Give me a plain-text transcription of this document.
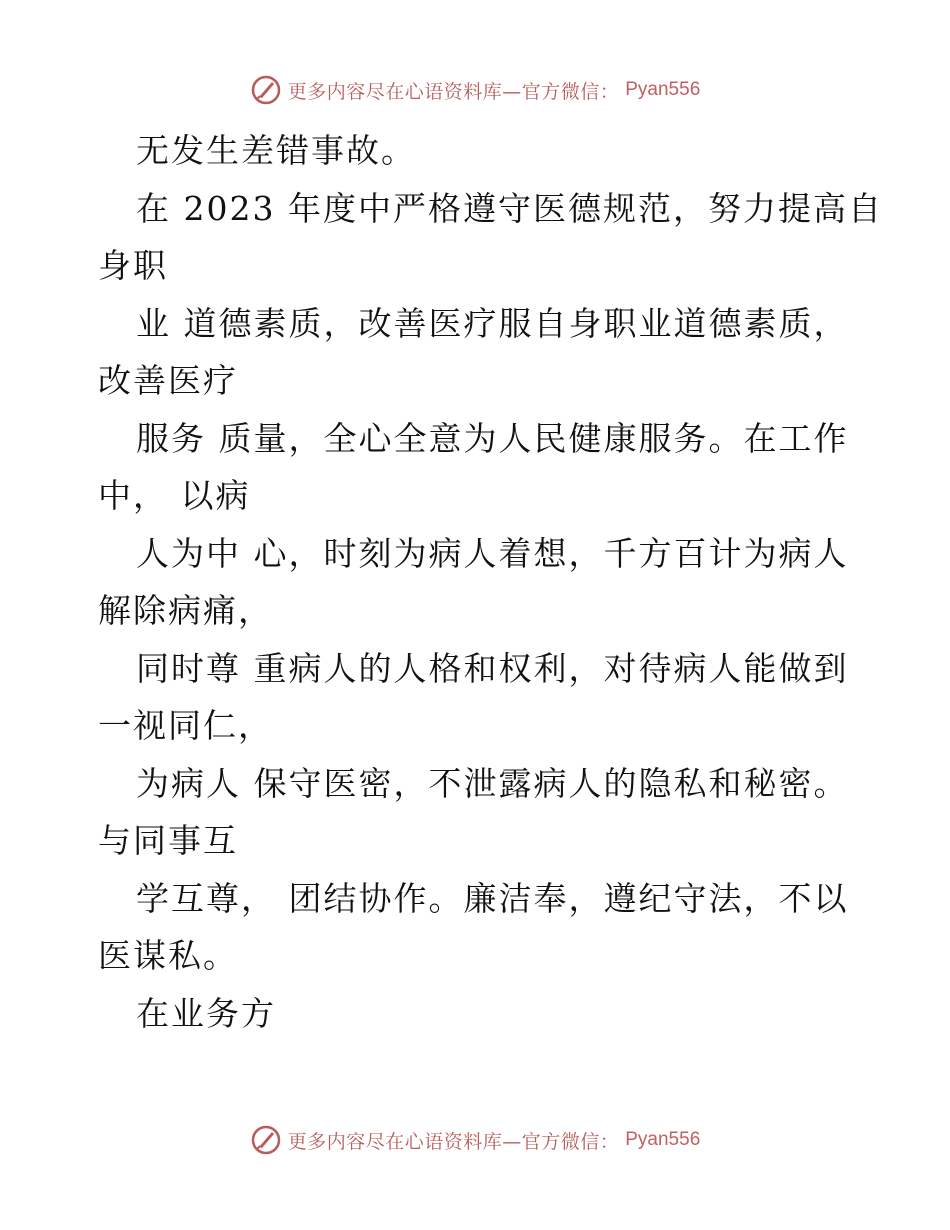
更多内容尽在心语资料库—官方微信： Pyan556
无发生差错事故。
在 2023 年度中严格遵守医德规范，努力提高自
身职
业 道德素质，改善医疗服自身职业道德素质，
改善医疗
服务 质量，全心全意为人民健康服务。在工作
中， 以病
人为中 心，时刻为病人着想，千方百计为病人
解除病痛，
同时尊 重病人的人格和权利，对待病人能做到
一视同仁，
为病人 保守医密，不泄露病人的隐私和秘密。
与同事互
学互尊， 团结协作。廉洁奉，遵纪守法，不以
医谋私。
在业务方
更多内容尽在心语资料库—官方微信： Pyan556
